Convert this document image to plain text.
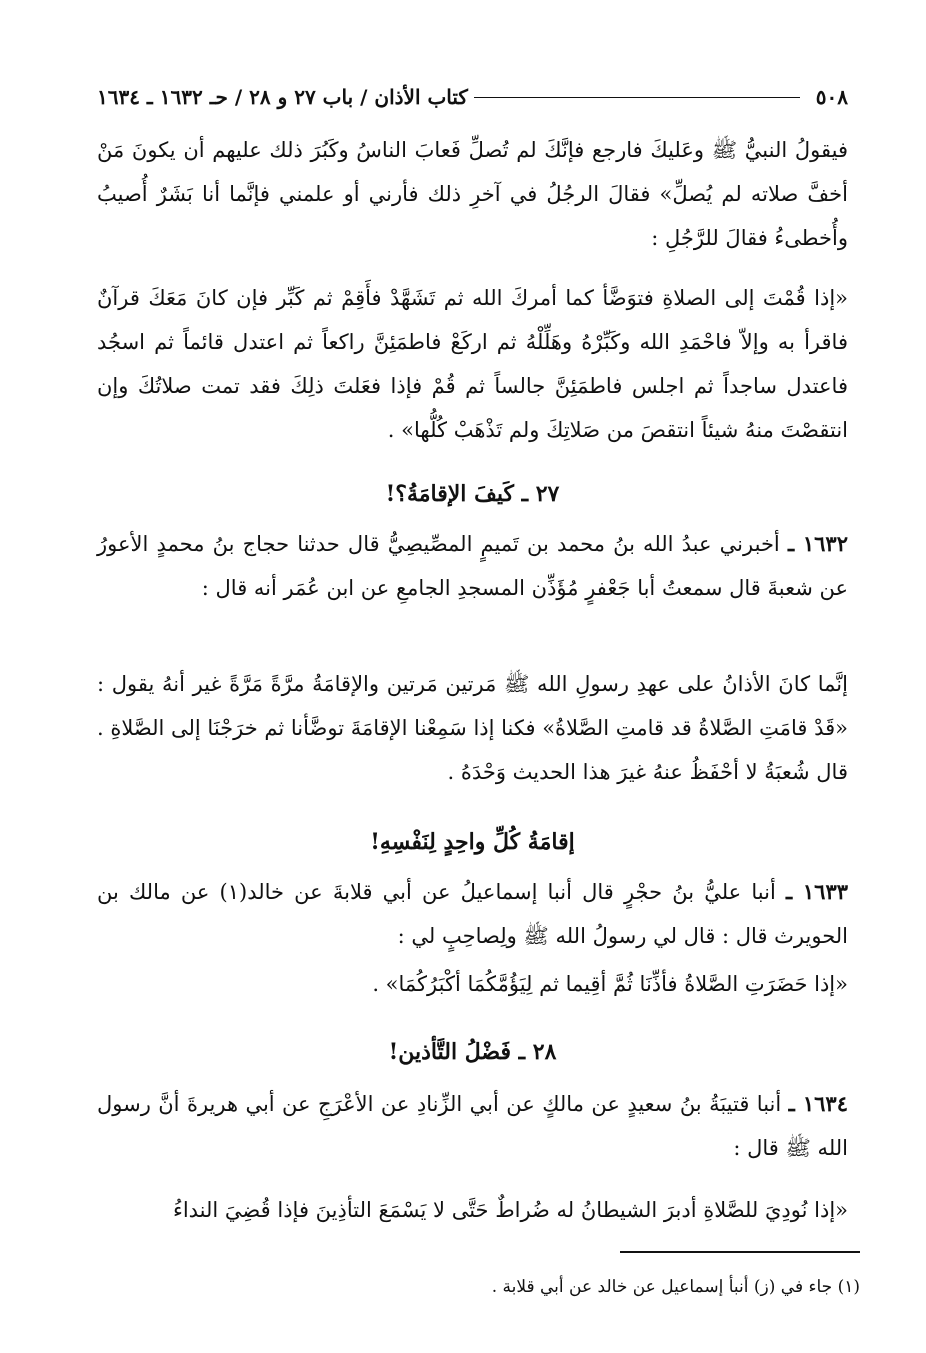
٥٠٨
كتاب الأذان / باب ٢٧ و ٢٨ / حـ ١٦٣٢ ـ ١٦٣٤
فيقولُ النبيُّ ﷺ وعَليكَ فارجع فإنَّكَ لم تُصلِّ فَعابَ الناسُ وكَبُرَ ذلك عليهم أن يكونَ مَنْ أخفَّ صلاته لم يُصلِّ» فقالَ الرجُلُ في آخرِ ذلك فأرني أو علمني فإنَّما أنا بَشَرٌ أُصيبُ وأُخطىءُ فقالَ للرَّجُلِ :
«إذا قُمْتَ إلى الصلاةِ فتوَضَّأ كما أمركَ الله ثم تَشَهَّدْ فأَقِمْ ثم كَبِّر فإن كانَ مَعَكَ قرآنٌ فاقرأ به وإلاّ فاحْمَدِ الله وكَبِّرْهُ وهَلِّلْهُ ثم اركَعْ فاطمَئِنَّ راكعاً ثم اعتدل قائماً ثم اسجُد فاعتدل ساجداً ثم اجلس فاطمَئِنَّ جالساً ثم قُمْ فإذا فعَلتَ ذلِكَ فقد تمت صلاتُكَ وإن انتقصْتَ منهُ شيئاً انتقصَ من صَلاتِكَ ولم تَذْهَبْ كُلُّها» .
٢٧ ـ كَيفَ الإقامَةُ؟!
١٦٣٢ ـ أخبرني عبدُ الله بنُ محمد بن تَميمٍ المصِّيصِيُّ قال حدثنا حجاج بنُ محمدٍ الأعورُ عن شعبةَ قال سمعتُ أبا جَعْفرٍ مُؤَذِّن المسجدِ الجامعِ عن ابن عُمَر أنه قال :
إنَّما كانَ الأذانُ على عهدِ رسولِ الله ﷺ مَرتين مَرتين والإقامَةُ مرَّةً مَرَّةً غير أنهُ يقول : «قَدْ قامَتِ الصَّلاةُ قد قامتِ الصَّلاةُ» فكنا إذا سَمِعْنا الإقامَةَ توضَّأنا ثم خرَجْنَا إلى الصَّلاةِ . قال شُعبَةُ لا أحْفَظُ عنهُ غيرَ هذا الحديث وَحْدَهُ .
إقامَةُ كُلِّ واحِدٍ لِنَفْسِهِ!
١٦٣٣ ـ أنبا عليُّ بنُ حجْرٍ قال أنبا إسماعيلُ عن أبي قلابةَ عن خالد(١) عن مالك بن الحويرث قال : قال لي رسولُ الله ﷺ ولِصاحِبٍ لي :
«إذا حَضَرَتِ الصَّلاةُ فأذِّنَا ثُمَّ أقِيما ثم لِيَؤُمَّكُمَا أكْبَرُكُمَا» .
٢٨ ـ فَضْلُ التَّأذين!
١٦٣٤ ـ أنبا قتيبَةُ بنُ سعيدٍ عن مالكٍ عن أبي الزِّنادِ عن الأعْرَجِ عن أبي هريرةَ أنَّ رسول الله ﷺ قال :
«إذا نُودِيَ للصَّلاةِ أدبرَ الشيطانُ له ضُراطٌ حَتَّى لا يَسْمَعَ التأذِينَ فإذا قُضِيَ النداءُ
(١) جاء في (ز) أنبأ إسماعيل عن خالد عن أبي قلابة .
